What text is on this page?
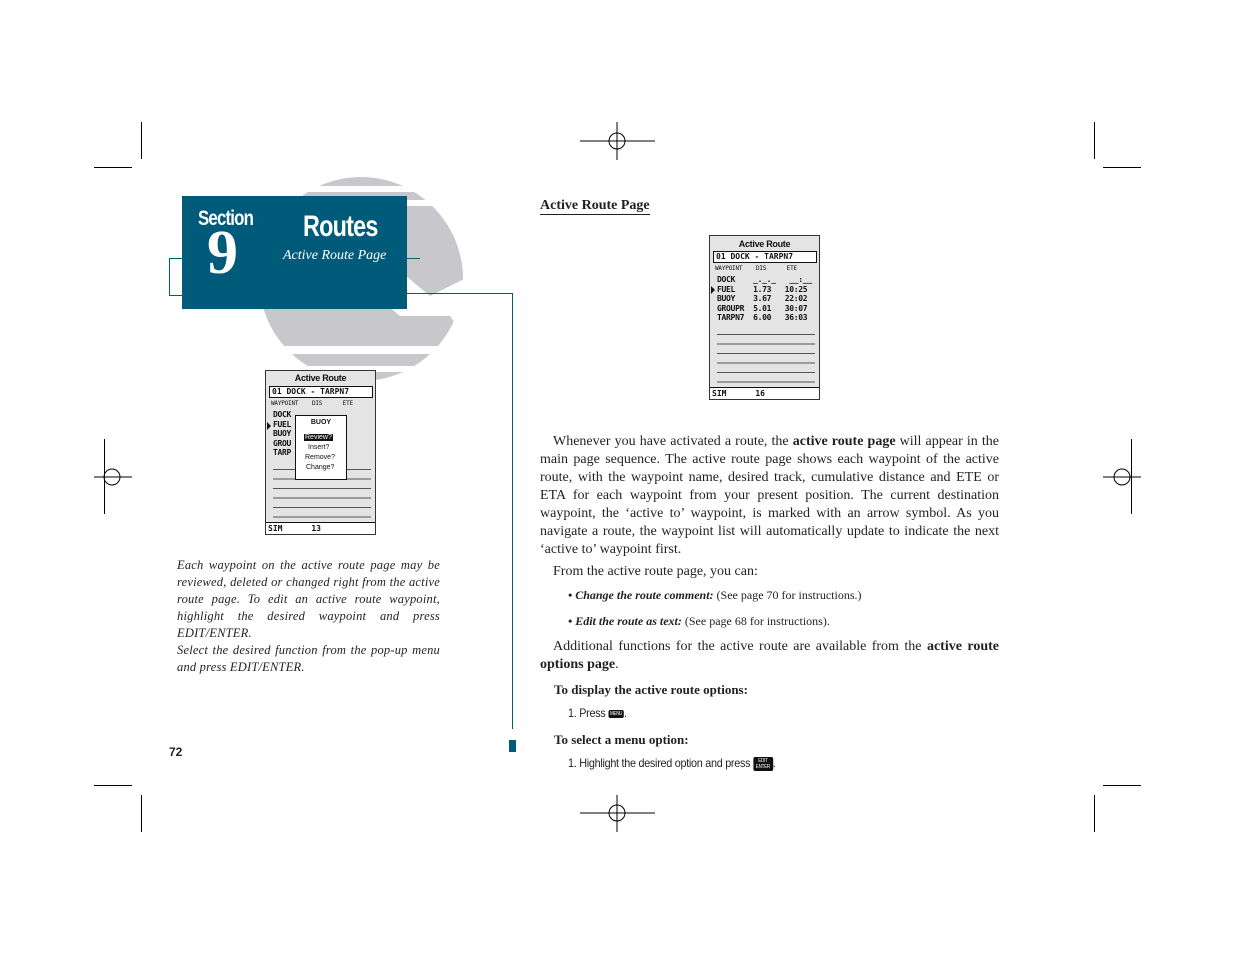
Section
9 Routes
Active Route Page
Active Route
01 DOCK - TARPN7
WAYPOINT    DIS      ETE
DOCK
FUEL
BUOY
GROU
TARP
BUOY
Review?
Insert?
Remove?
Change?
SIM      13
Active Route
01 DOCK - TARPN7
WAYPOINT    DIS      ETE
DOCK    _._._   __:__
FUEL    1.73   10:25
BUOY    3.67   22:02
GROUPR  5.01   30:07
TARPN7  6.00   36:03
SIM      16
Each waypoint on the active route page may be reviewed, deleted or changed right from the active route page. To edit an active route waypoint, highlight the desired waypoint and press EDIT/ENTER.
Select the desired function from the pop-up menu and press EDIT/ENTER.
72
Active Route Page
Whenever you have activated a route, the active route page will appear in the main page sequence. The active route page shows each waypoint of the active route, with the waypoint name, desired track, cumulative distance and ETE or ETA for each waypoint from your present position. The current destination waypoint, the ‘active to’ waypoint, is marked with an arrow symbol. As you navigate a route, the waypoint list will automatically update to indicate the next ‘active to’ waypoint first.
From the active route page, you can:
• Change the route comment: (See page 70 for instructions.)
• Edit the route as text: (See page 68 for instructions).
Additional functions for the active route are available from the active route options page.
To display the active route options:
1. Press MENU .
To select a menu option:
1. Highlight the desired option and press EDIT ENTER .
